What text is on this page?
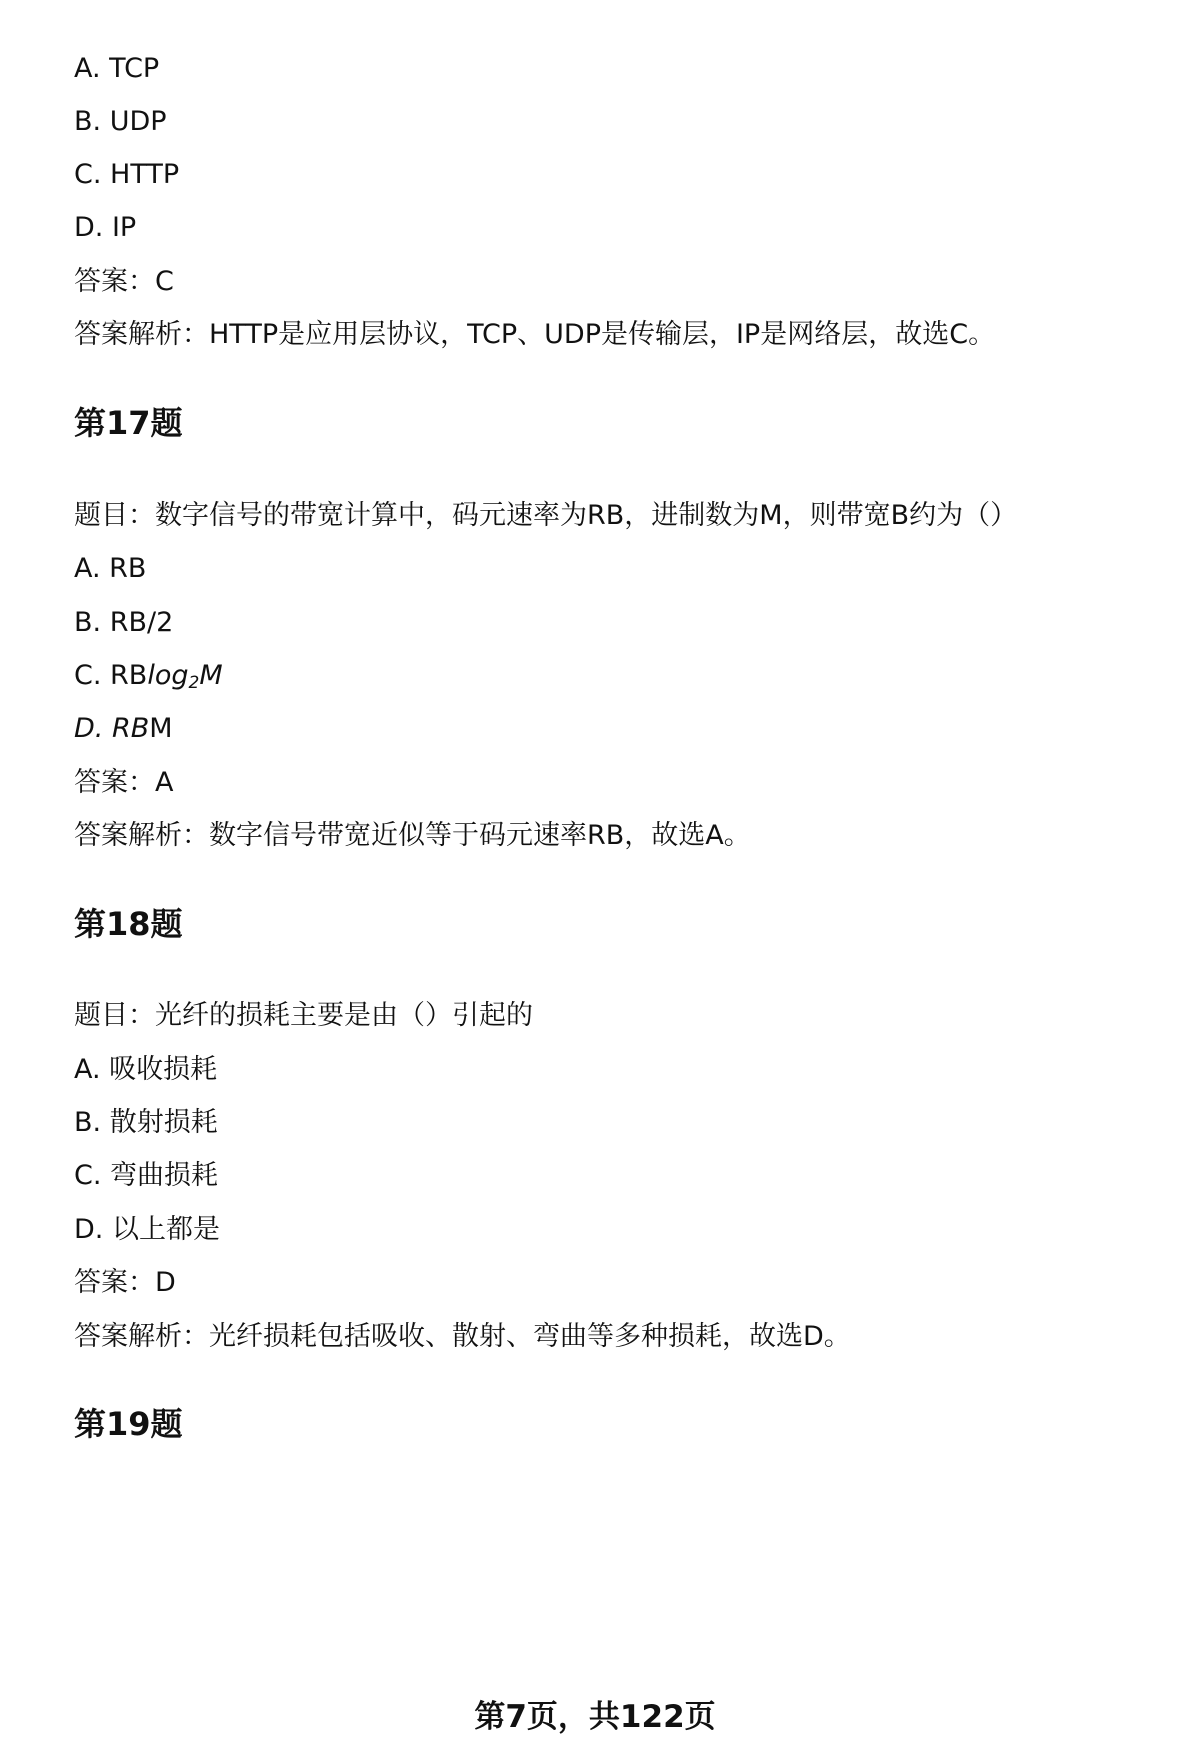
A. TCP
B. UDP
C. HTTP
D. IP
答案：C
答案解析：HTTP是应用层协议，TCP、UDP是传输层，IP是网络层，故选C。
第17题
题目：数字信号的带宽计算中，码元速率为RB，进制数为M，则带宽B约为（）
A. RB
B. RB/2
C. RBlog$_2$M
D. RBM
答案：A
答案解析：数字信号带宽近似等于码元速率RB，故选A。
第18题
题目：光纤的损耗主要是由（）引起的
A. 吸收损耗
B. 散射损耗
C. 弯曲损耗
D. 以上都是
答案：D
答案解析：光纤损耗包括吸收、散射、弯曲等多种损耗，故选D。
第19题
第7页，共122页
